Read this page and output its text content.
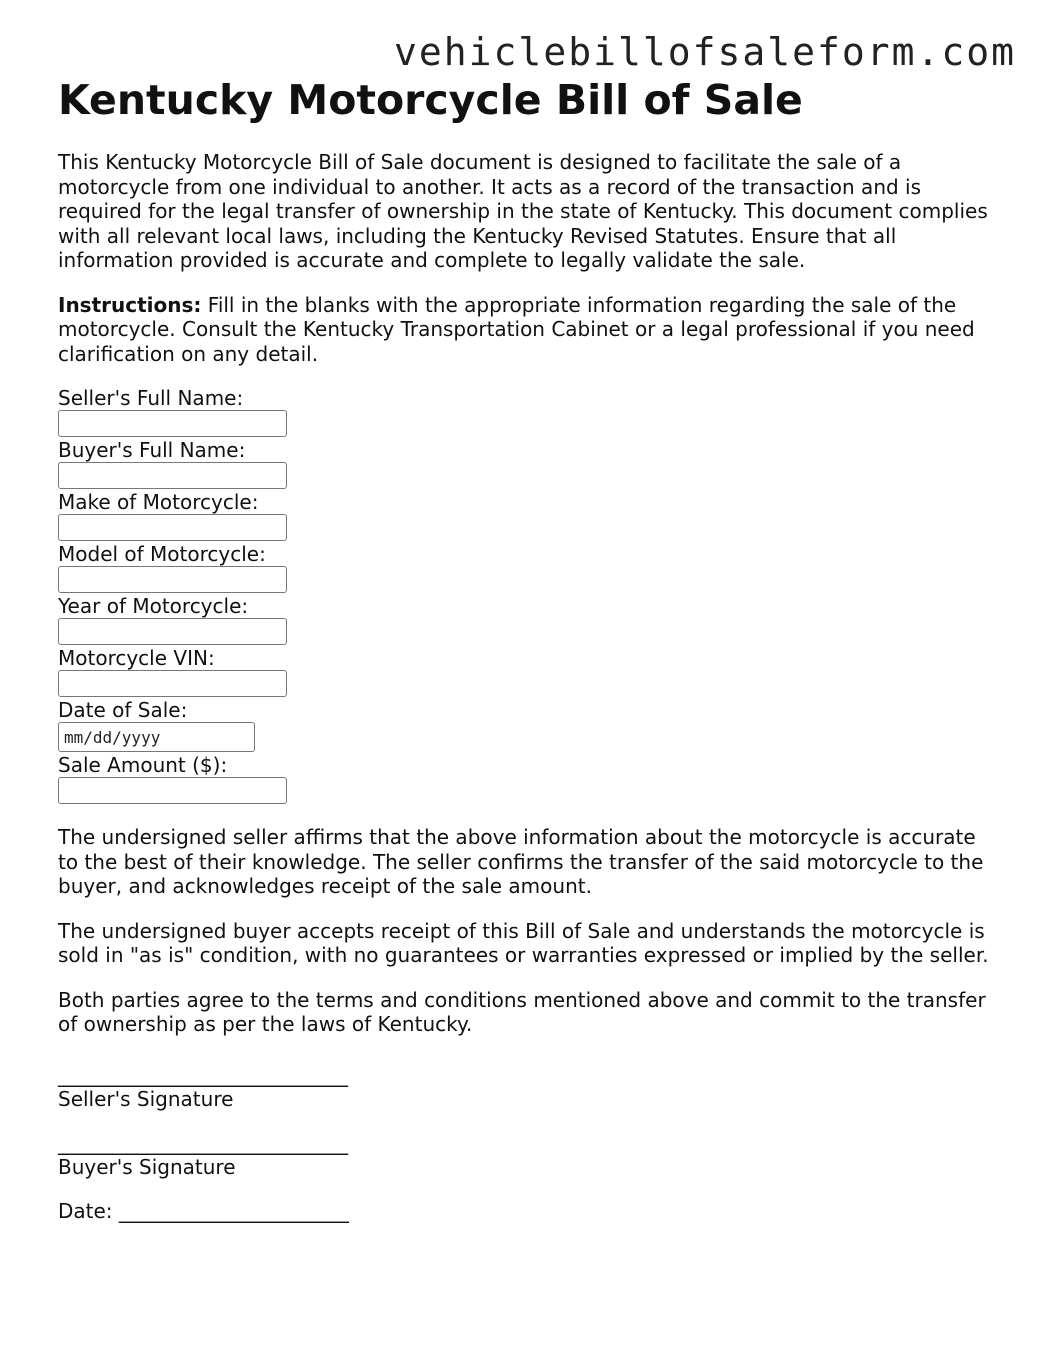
vehiclebillofsaleform.com
Kentucky Motorcycle Bill of Sale

This Kentucky Motorcycle Bill of Sale document is designed to facilitate the sale of a motorcycle from one individual to another. It acts as a record of the transaction and is required for the legal transfer of ownership in the state of Kentucky. This document complies with all relevant local laws, including the Kentucky Revised Statutes. Ensure that all information provided is accurate and complete to legally validate the sale.

Instructions: Fill in the blanks with the appropriate information regarding the sale of the motorcycle. Consult the Kentucky Transportation Cabinet or a legal professional if you need clarification on any detail.

Seller's Full Name:
Buyer's Full Name:
Make of Motorcycle:
Model of Motorcycle:
Year of Motorcycle:
Motorcycle VIN:
Date of Sale:
mm/dd/yyyy
Sale Amount ($):

The undersigned seller affirms that the above information about the motorcycle is accurate to the best of their knowledge. The seller confirms the transfer of the said motorcycle to the buyer, and acknowledges receipt of the sale amount.

The undersigned buyer accepts receipt of this Bill of Sale and understands the motorcycle is sold in "as is" condition, with no guarantees or warranties expressed or implied by the seller.

Both parties agree to the terms and conditions mentioned above and commit to the transfer of ownership as per the laws of Kentucky.

_____________________________
Seller's Signature
_____________________________
Buyer's Signature
Date: _______________________
